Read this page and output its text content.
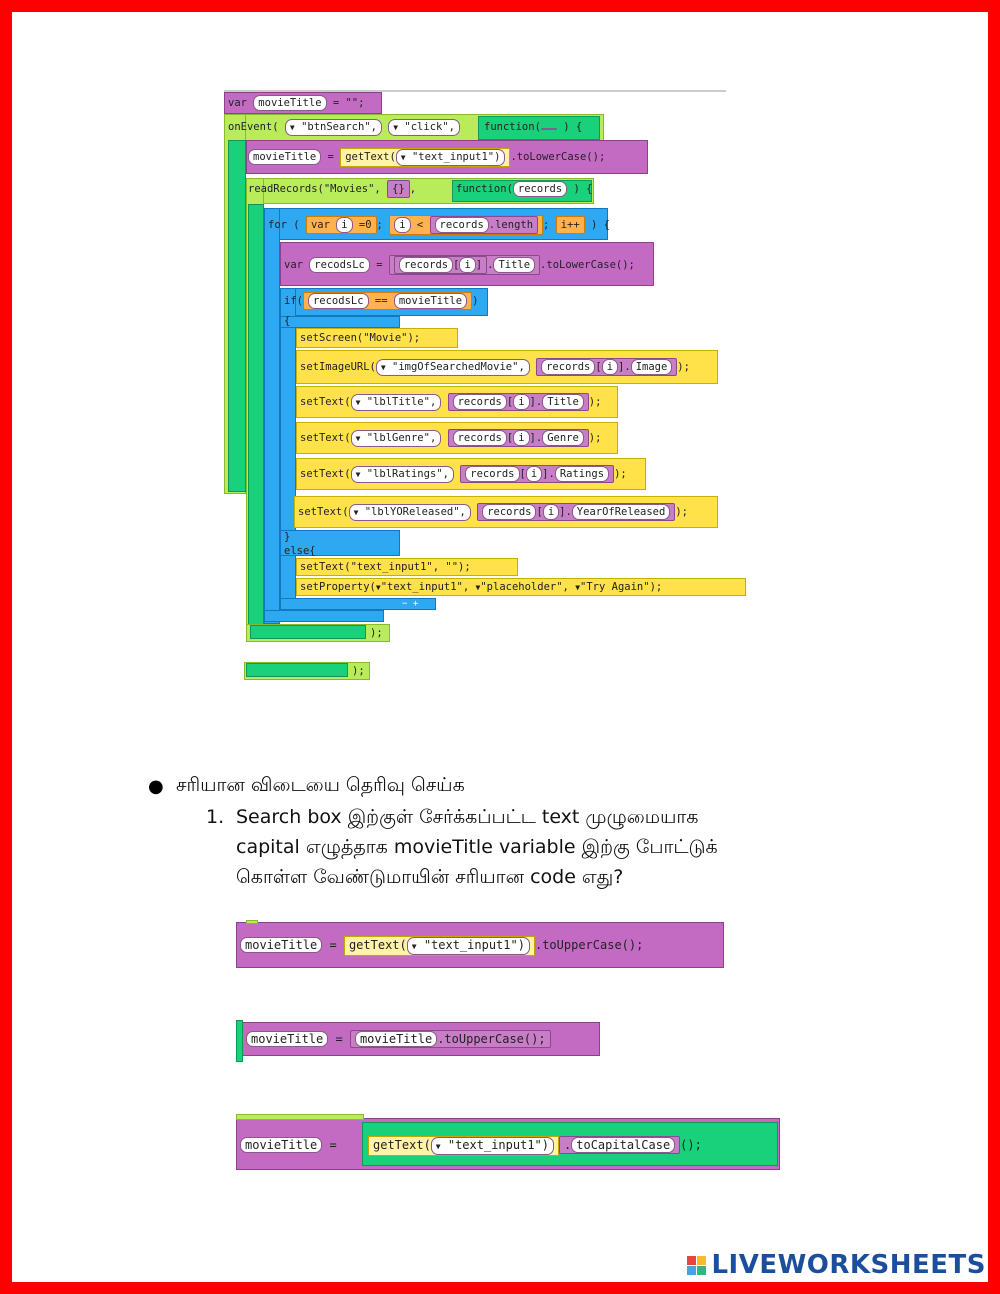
var movieTitle = "";
onEvent( ▼ "btnSearch", ▼ "click",	function( ) {
movieTitle = getText( ▼ "text_input1") .toLowerCase();
readRecords("Movies", {} ,	function( records ) {
for ( var i =0 ; i < records .length ; i++ ) {
var recodsLc = records [ i ] . Title .toLowerCase();
if( recodsLc == movieTitle )
{
setScreen("Movie");
setImageURL( ▼ "imgOfSearchedMovie", records [ i ]. Image );
setText( ▼ "lblTitle", records [ i ]. Title );
setText( ▼ "lblGenre", records [ i ]. Genre );
setText( ▼ "lblRatings", records [ i ]. Ratings );
setText( ▼ "lblYOReleased", records [ i ]. YearOfReleased );
}
else{
setText("text_input1", "");
setProperty(▼"text_input1", ▼"placeholder", ▼"Try Again");
− +
);
);
● சரியான விடையை தெரிவு செய்க
1. Search box இற்குள் சேர்க்கப்பட்ட text முழுமையாக
capital எழுத்தாக movieTitle variable இற்கு போட்டுக்
கொள்ள வேண்டுமாயின் சரியான code எது?
movieTitle = getText( ▼ "text_input1") .toUpperCase();
movieTitle = movieTitle .toUpperCase();
movieTitle =	getText( ▼ "text_input1") . toCapitalCase ();
LIVEWORKSHEETS
